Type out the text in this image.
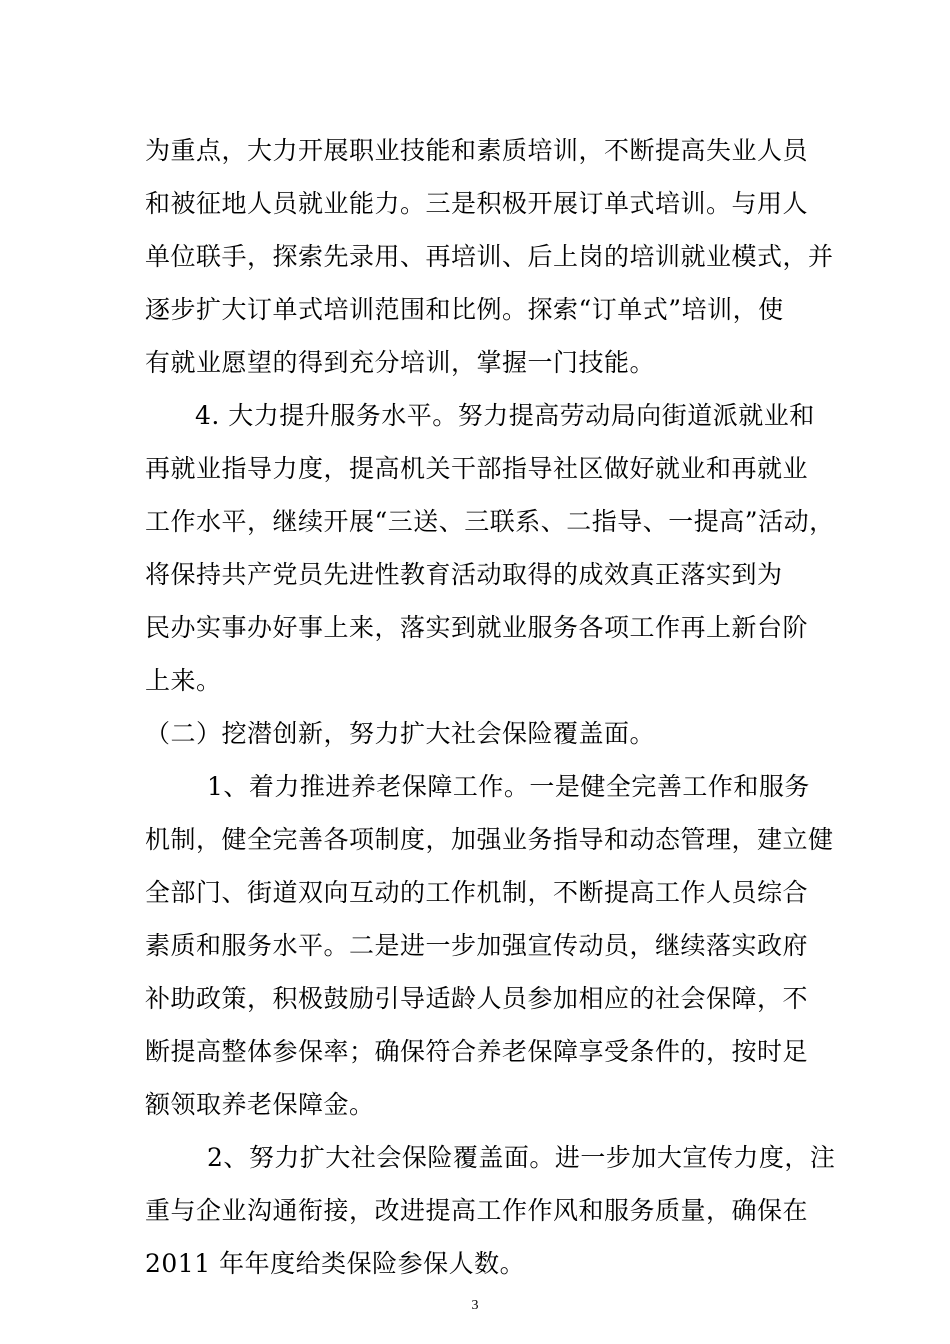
为重点，大力开展职业技能和素质培训，不断提高失业人员
和被征地人员就业能力。三是积极开展订单式培训。与用人
单位联手，探索先录用、再培训、后上岗的培训就业模式，并
逐步扩大订单式培训范围和比例。探索“订单式”培训，使
有就业愿望的得到充分培训，掌握一门技能。
4. 大力提升服务水平。努力提高劳动局向街道派就业和
再就业指导力度，提高机关干部指导社区做好就业和再就业
工作水平，继续开展“三送、三联系、二指导、一提高”活动，
将保持共产党员先进性教育活动取得的成效真正落实到为
民办实事办好事上来，落实到就业服务各项工作再上新台阶
上来。
（二）挖潜创新，努力扩大社会保险覆盖面。
1、着力推进养老保障工作。一是健全完善工作和服务
机制，健全完善各项制度，加强业务指导和动态管理，建立健
全部门、街道双向互动的工作机制，不断提高工作人员综合
素质和服务水平。二是进一步加强宣传动员，继续落实政府
补助政策，积极鼓励引导适龄人员参加相应的社会保障，不
断提高整体参保率；确保符合养老保障享受条件的，按时足
额领取养老保障金。
2、努力扩大社会保险覆盖面。进一步加大宣传力度，注
重与企业沟通衔接，改进提高工作作风和服务质量，确保在
2011 年年度给类保险参保人数。
3
